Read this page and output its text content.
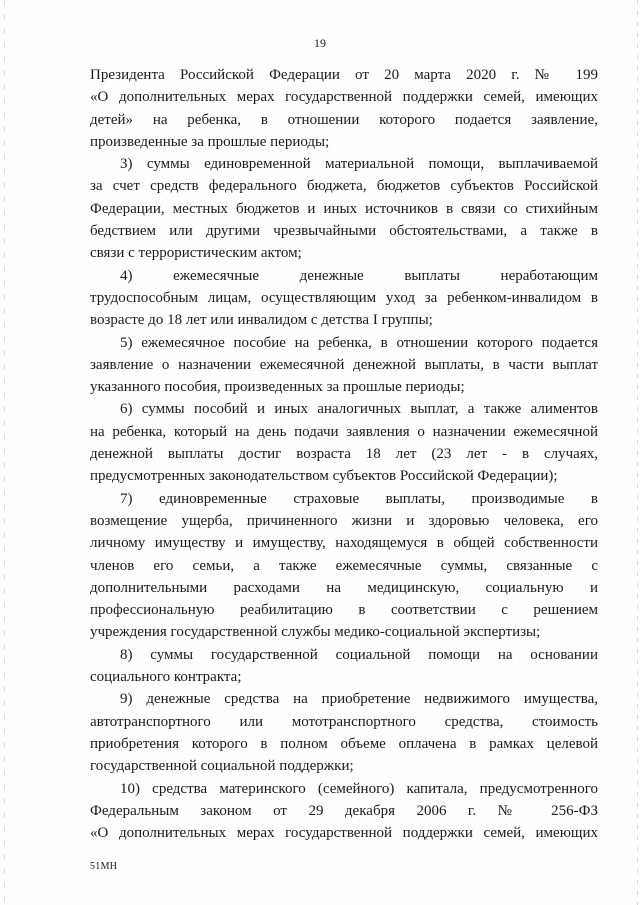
19
Президента Российской Федерации от 20 марта 2020 г. № 199
«О дополнительных мерах государственной поддержки семей, имеющих
детей» на ребенка, в отношении которого подается заявление,
произведенные за прошлые периоды;
3) суммы единовременной материальной помощи, выплачиваемой
за счет средств федерального бюджета, бюджетов субъектов Российской
Федерации, местных бюджетов и иных источников в связи со стихийным
бедствием или другими чрезвычайными обстоятельствами, а также в
связи с террористическим актом;
4) ежемесячные денежные выплаты неработающим
трудоспособным лицам, осуществляющим уход за ребенком-инвалидом в
возрасте до 18 лет или инвалидом с детства I группы;
5) ежемесячное пособие на ребенка, в отношении которого подается
заявление о назначении ежемесячной денежной выплаты, в части выплат
указанного пособия, произведенных за прошлые периоды;
6) суммы пособий и иных аналогичных выплат, а также алиментов
на ребенка, который на день подачи заявления о назначении ежемесячной
денежной выплаты достиг возраста 18 лет (23 лет - в случаях,
предусмотренных законодательством субъектов Российской Федерации);
7) единовременные страховые выплаты, производимые в
возмещение ущерба, причиненного жизни и здоровью человека, его
личному имуществу и имуществу, находящемуся в общей собственности
членов его семьи, а также ежемесячные суммы, связанные с
дополнительными расходами на медицинскую, социальную и
профессиональную реабилитацию в соответствии с решением
учреждения государственной службы медико-социальной экспертизы;
8) суммы государственной социальной помощи на основании
социального контракта;
9) денежные средства на приобретение недвижимого имущества,
автотранспортного или мототранспортного средства, стоимость
приобретения которого в полном объеме оплачена в рамках целевой
государственной социальной поддержки;
10) средства материнского (семейного) капитала, предусмотренного
Федеральным законом от 29 декабря 2006 г. № 256-ФЗ
«О дополнительных мерах государственной поддержки семей, имеющих
51МН
